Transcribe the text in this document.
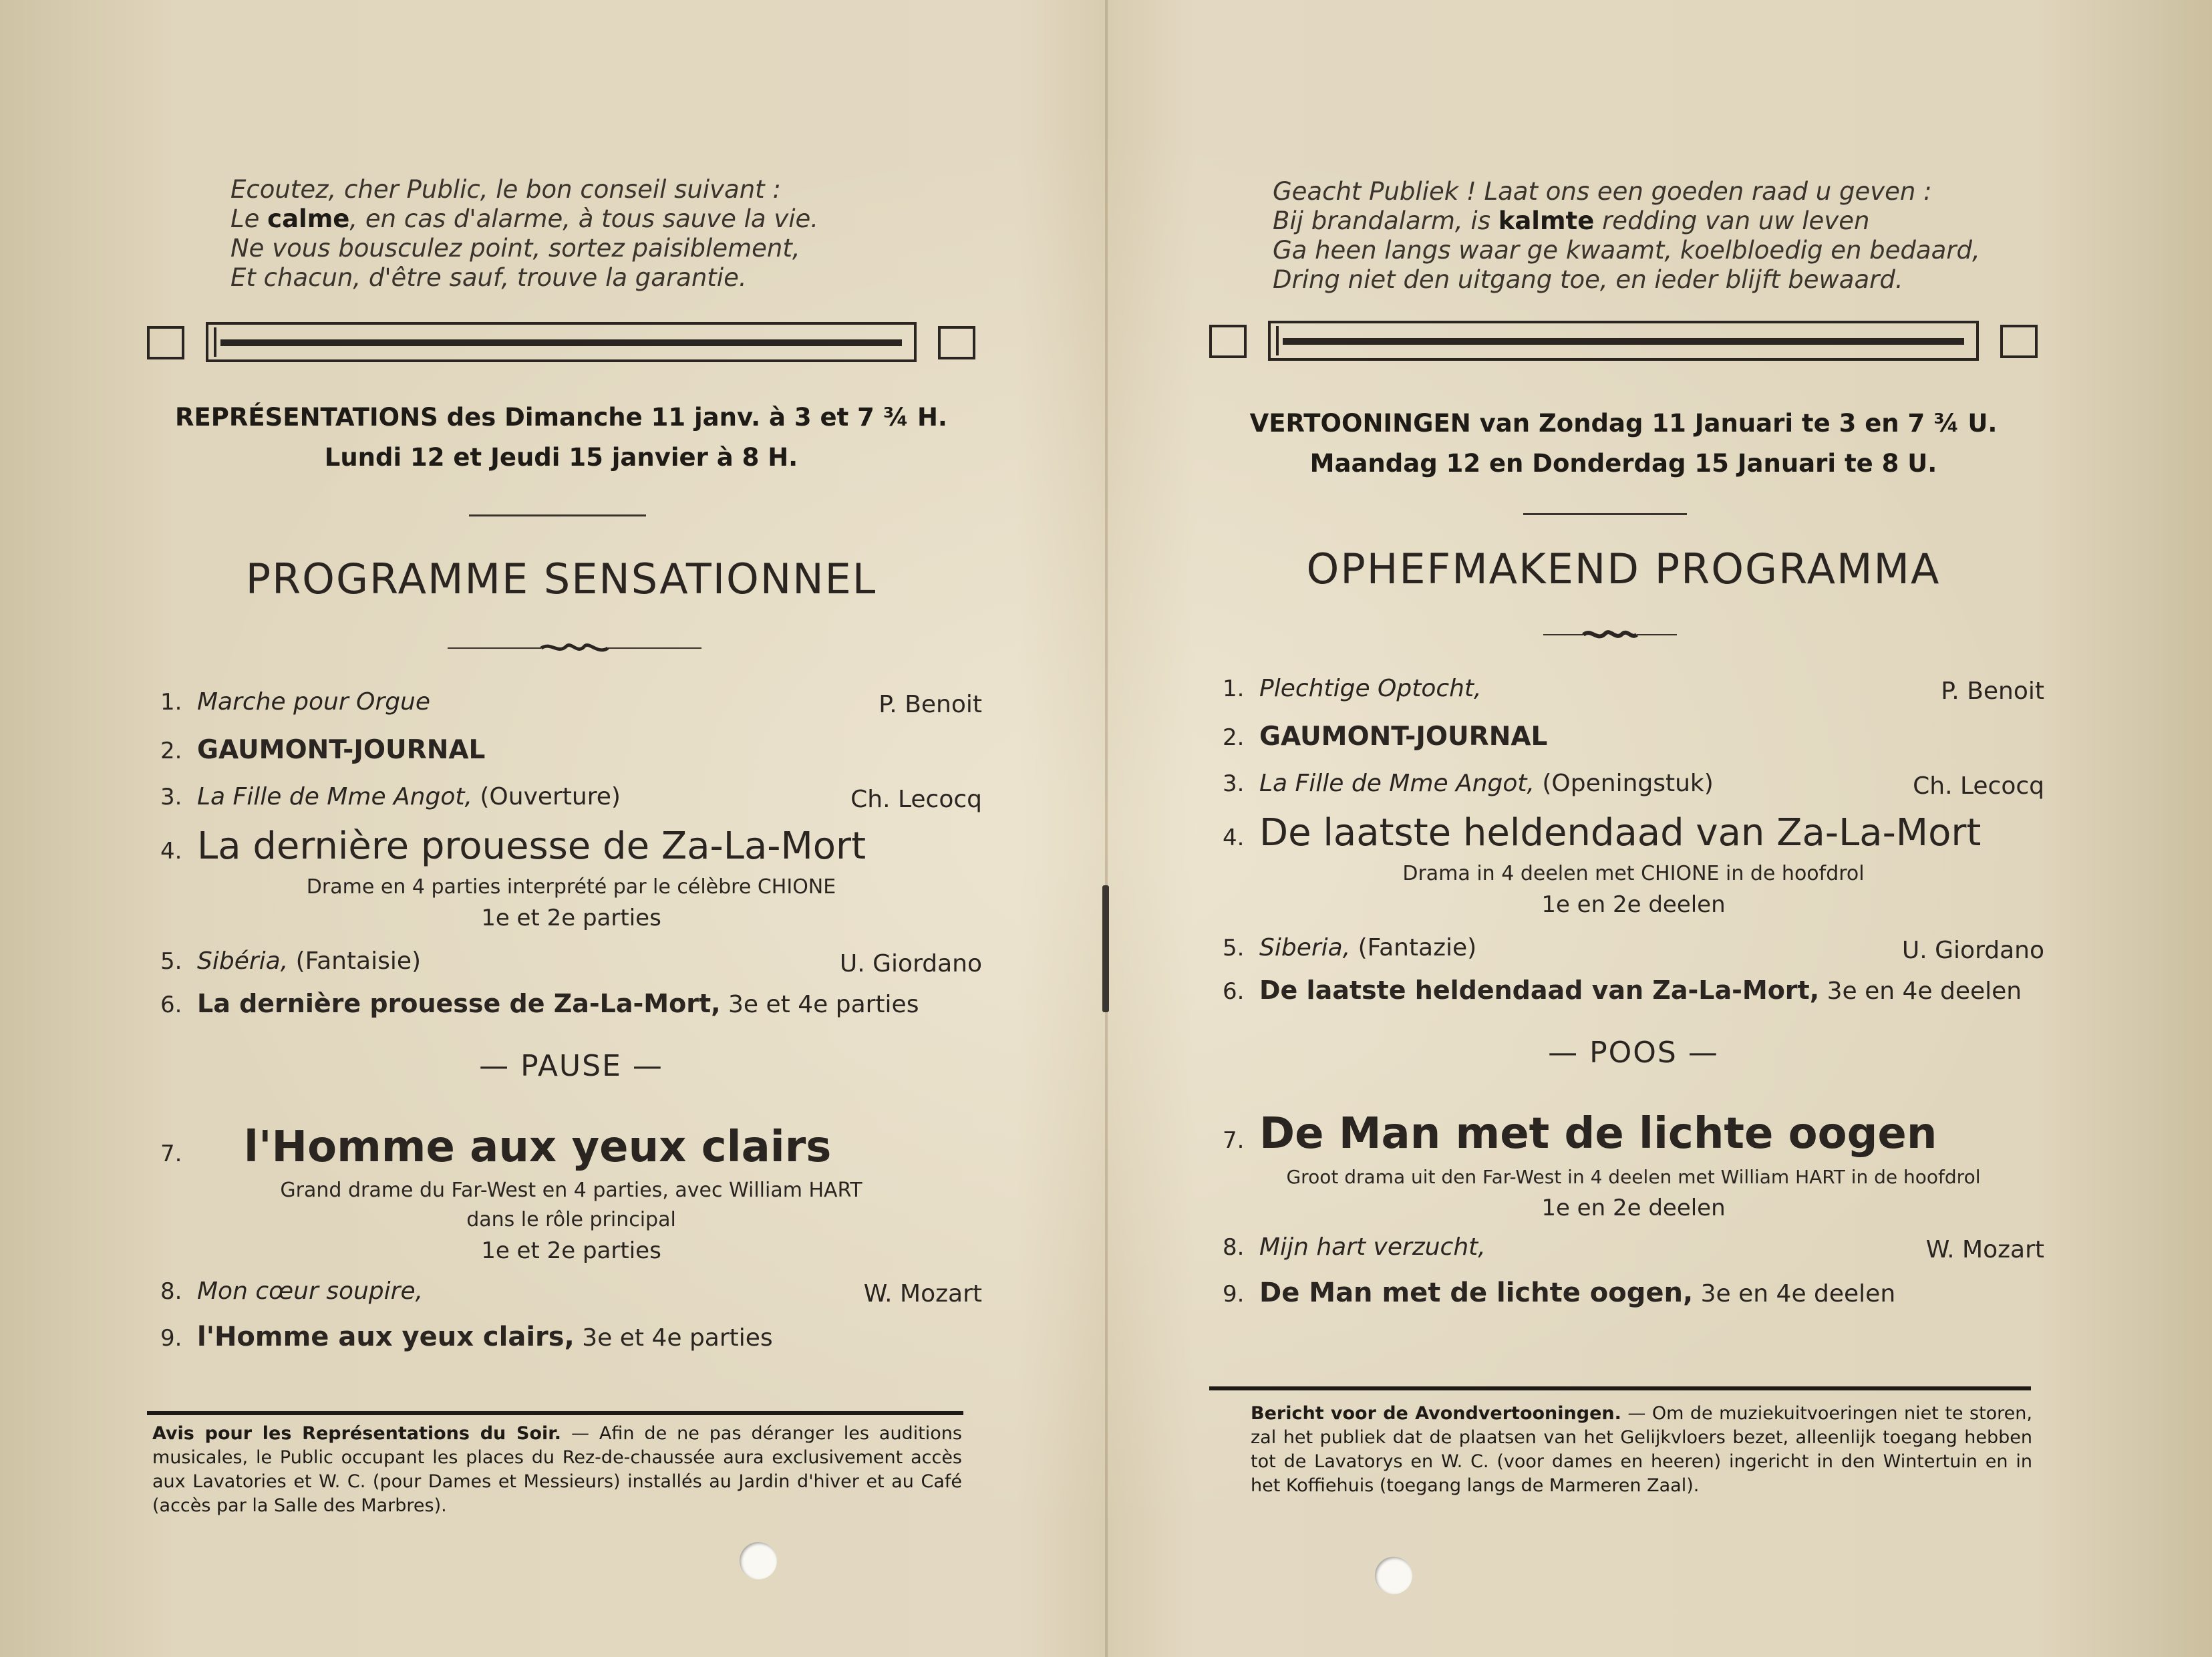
Ecoutez, cher Public, le bon conseil suivant :
Le calme, en cas d'alarme, à tous sauve la vie.
Ne vous bousculez point, sortez paisiblement,
Et chacun, d'être sauf, trouve la garantie.
REPRÉSENTATIONS des Dimanche 11 janv. à 3 et 7 ¾ H.
Lundi 12 et Jeudi 15 janvier à 8 H.
PROGRAMME SENSATIONNEL
1. Marche pour Orgue	P. Benoit
2. GAUMONT-JOURNAL
3. La Fille de Mme Angot, (Ouverture)	Ch. Lecocq
4. La dernière prouesse de Za-La-Mort
Drame en 4 parties interprété par le célèbre CHIONE
1e et 2e parties
5. Sibéria, (Fantaisie)	U. Giordano
6. La dernière prouesse de Za-La-Mort, 3e et 4e parties
— PAUSE —
7. l'Homme aux yeux clairs
Grand drame du Far-West en 4 parties, avec William HART
dans le rôle principal
1e et 2e parties
8. Mon cœur soupire,	W. Mozart
9. l'Homme aux yeux clairs, 3e et 4e parties
Avis pour les Représentations du Soir. — Afin de ne pas déranger les auditions musicales, le Public occupant les places du Rez-de-chaussée aura exclusivement accès aux Lavatories et W. C. (pour Dames et Messieurs) installés au Jardin d'hiver et au Café (accès par la Salle des Marbres).
Geacht Publiek ! Laat ons een goeden raad u geven :
Bij brandalarm, is kalmte redding van uw leven
Ga heen langs waar ge kwaamt, koelbloedig en bedaard,
Dring niet den uitgang toe, en ieder blijft bewaard.
VERTOONINGEN van Zondag 11 Januari te 3 en 7 ¾ U.
Maandag 12 en Donderdag 15 Januari te 8 U.
OPHEFMAKEND PROGRAMMA
1. Plechtige Optocht,	P. Benoit
2. GAUMONT-JOURNAL
3. La Fille de Mme Angot, (Openingstuk)	Ch. Lecocq
4. De laatste heldendaad van Za-La-Mort
Drama in 4 deelen met CHIONE in de hoofdrol
1e en 2e deelen
5. Siberia, (Fantazie)	U. Giordano
6. De laatste heldendaad van Za-La-Mort, 3e en 4e deelen
— POOS —
7. De Man met de lichte oogen
Groot drama uit den Far-West in 4 deelen met William HART in de hoofdrol
1e en 2e deelen
8. Mijn hart verzucht,	W. Mozart
9. De Man met de lichte oogen, 3e en 4e deelen
Bericht voor de Avondvertooningen. — Om de muziekuitvoeringen niet te storen, zal het publiek dat de plaatsen van het Gelijkvloers bezet, alleenlijk toegang hebben tot de Lavatorys en W. C. (voor dames en heeren) ingericht in den Wintertuin en in het Koffiehuis (toegang langs de Marmeren Zaal).
